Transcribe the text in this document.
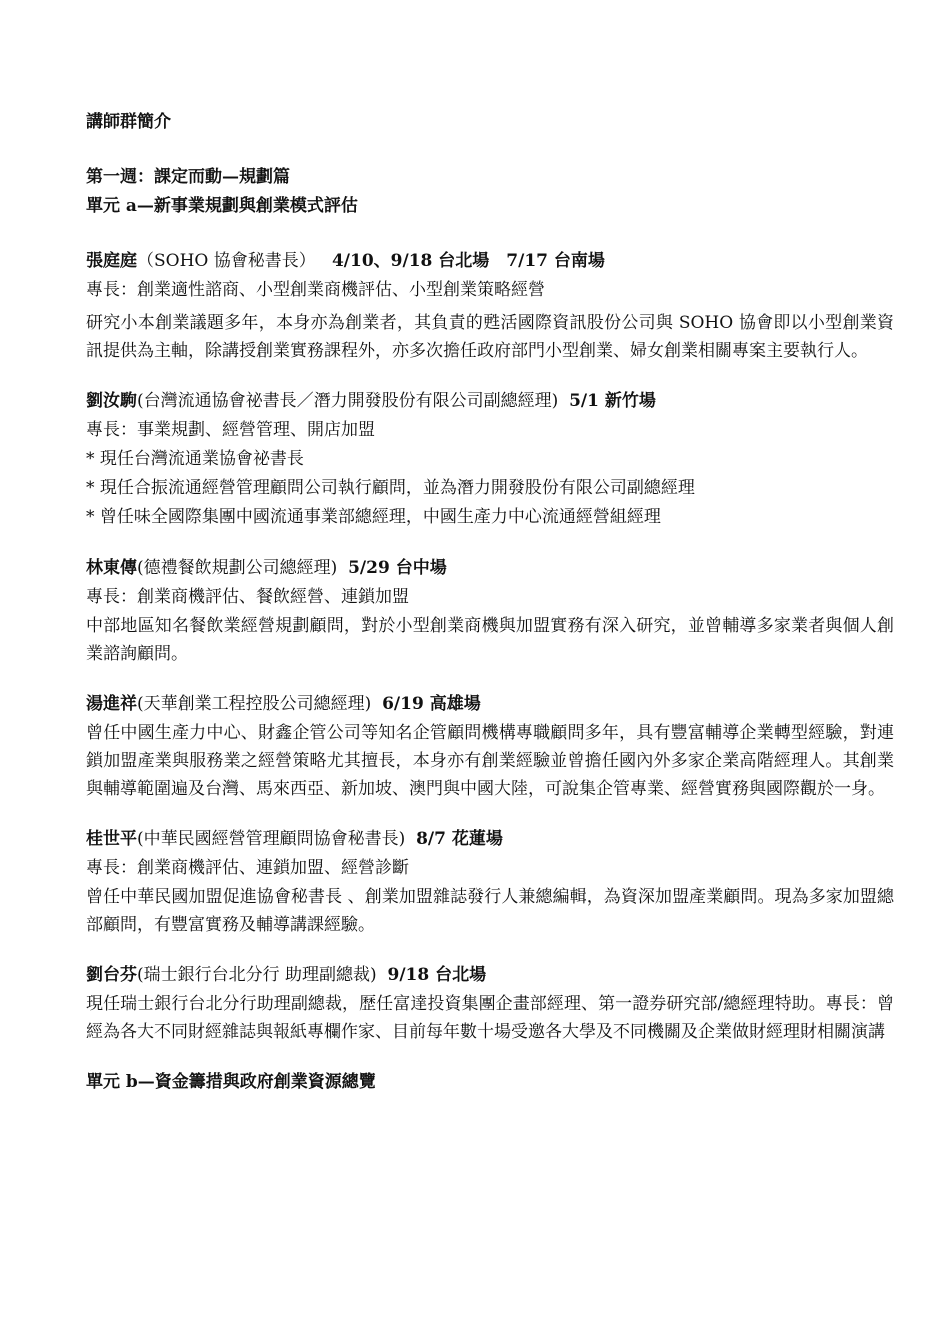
講師群簡介
第一週：課定而動—規劃篇
單元 a—新事業規劃與創業模式評估
張庭庭（SOHO 協會秘書長） 4/10、9/18 台北場　7/17 台南場
專長：創業適性諮商、小型創業商機評估、小型創業策略經營
研究小本創業議題多年，本身亦為創業者，其負責的甦活國際資訊股份公司與 SOHO 協會即以小型創業資訊提供為主軸，除講授創業實務課程外，亦多次擔任政府部門小型創業、婦女創業相關專案主要執行人。
劉汝駒(台灣流通協會祕書長／潛力開發股份有限公司副總經理) 5/1 新竹場
專長：事業規劃、經營管理、開店加盟
* 現任台灣流通業協會祕書長
* 現任合振流通經營管理顧問公司執行顧問，並為潛力開發股份有限公司副總經理
* 曾任味全國際集團中國流通事業部總經理，中國生產力中心流通經營組經理
林東傳(德禮餐飲規劃公司總經理) 5/29 台中場
專長：創業商機評估、餐飲經營、連鎖加盟
中部地區知名餐飲業經營規劃顧問，對於小型創業商機與加盟實務有深入研究，並曾輔導多家業者與個人創業諮詢顧問。
湯進祥(天華創業工程控股公司總經理) 6/19 高雄場
曾任中國生產力中心、財鑫企管公司等知名企管顧問機構專職顧問多年，具有豐富輔導企業轉型經驗，對連鎖加盟產業與服務業之經營策略尤其擅長，本身亦有創業經驗並曾擔任國內外多家企業高階經理人。其創業與輔導範圍遍及台灣、馬來西亞、新加坡、澳門與中國大陸，可說集企管專業、經營實務與國際觀於一身。
桂世平(中華民國經營管理顧問協會秘書長) 8/7 花蓮場
專長：創業商機評估、連鎖加盟、經營診斷
曾任中華民國加盟促進協會秘書長 、創業加盟雜誌發行人兼總編輯，為資深加盟產業顧問。現為多家加盟總部顧問，有豐富實務及輔導講課經驗。
劉台芬(瑞士銀行台北分行 助理副總裁) 9/18 台北場
現任瑞士銀行台北分行助理副總裁，歷任富達投資集團企畫部經理、第一證券研究部/總經理特助。專長：曾經為各大不同財經雜誌與報紙專欄作家、目前每年數十場受邀各大學及不同機關及企業做財經理財相關演講
單元 b—資金籌措與政府創業資源總覽
